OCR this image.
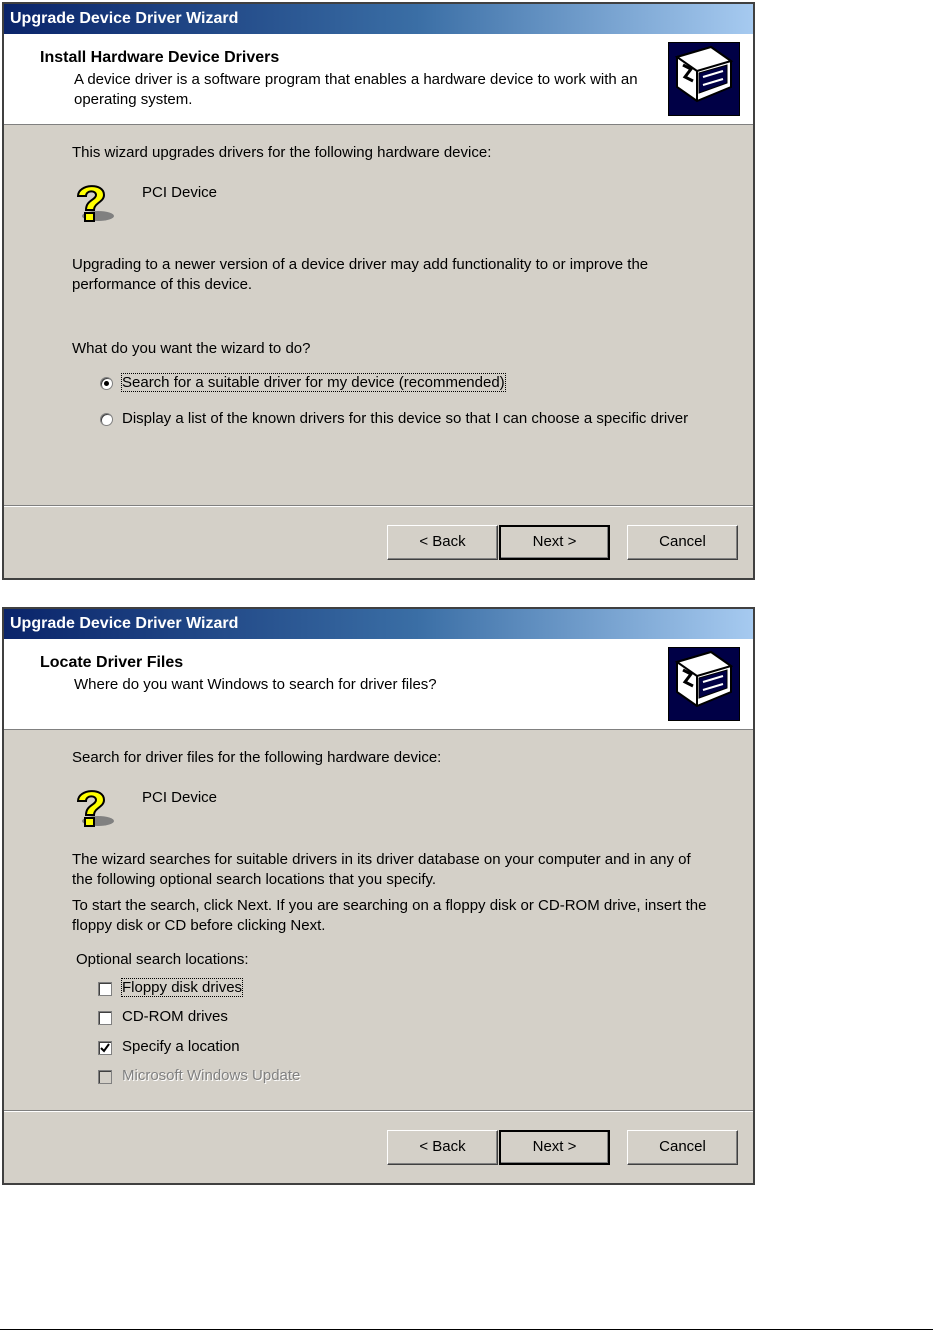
Upgrade Device Driver Wizard
Install Hardware Device Drivers
A device driver is a software program that enables a hardware device to work with an operating system.
This wizard upgrades drivers for the following hardware device:
PCI Device
Upgrading to a newer version of a device driver may add functionality to or improve the performance of this device.
What do you want the wizard to do?
Search for a suitable driver for my device (recommended)
Display a list of the known drivers for this device so that I can choose a specific driver
< Back	Next >	Cancel
Upgrade Device Driver Wizard
Locate Driver Files
Where do you want Windows to search for driver files?
Search for driver files for the following hardware device:
PCI Device
The wizard searches for suitable drivers in its driver database on your computer and in any of the following optional search locations that you specify.
To start the search, click Next. If you are searching on a floppy disk or CD-ROM drive, insert the floppy disk or CD before clicking Next.
Optional search locations:
Floppy disk drives
CD-ROM drives
Specify a location
Microsoft Windows Update
< Back	Next >	Cancel
